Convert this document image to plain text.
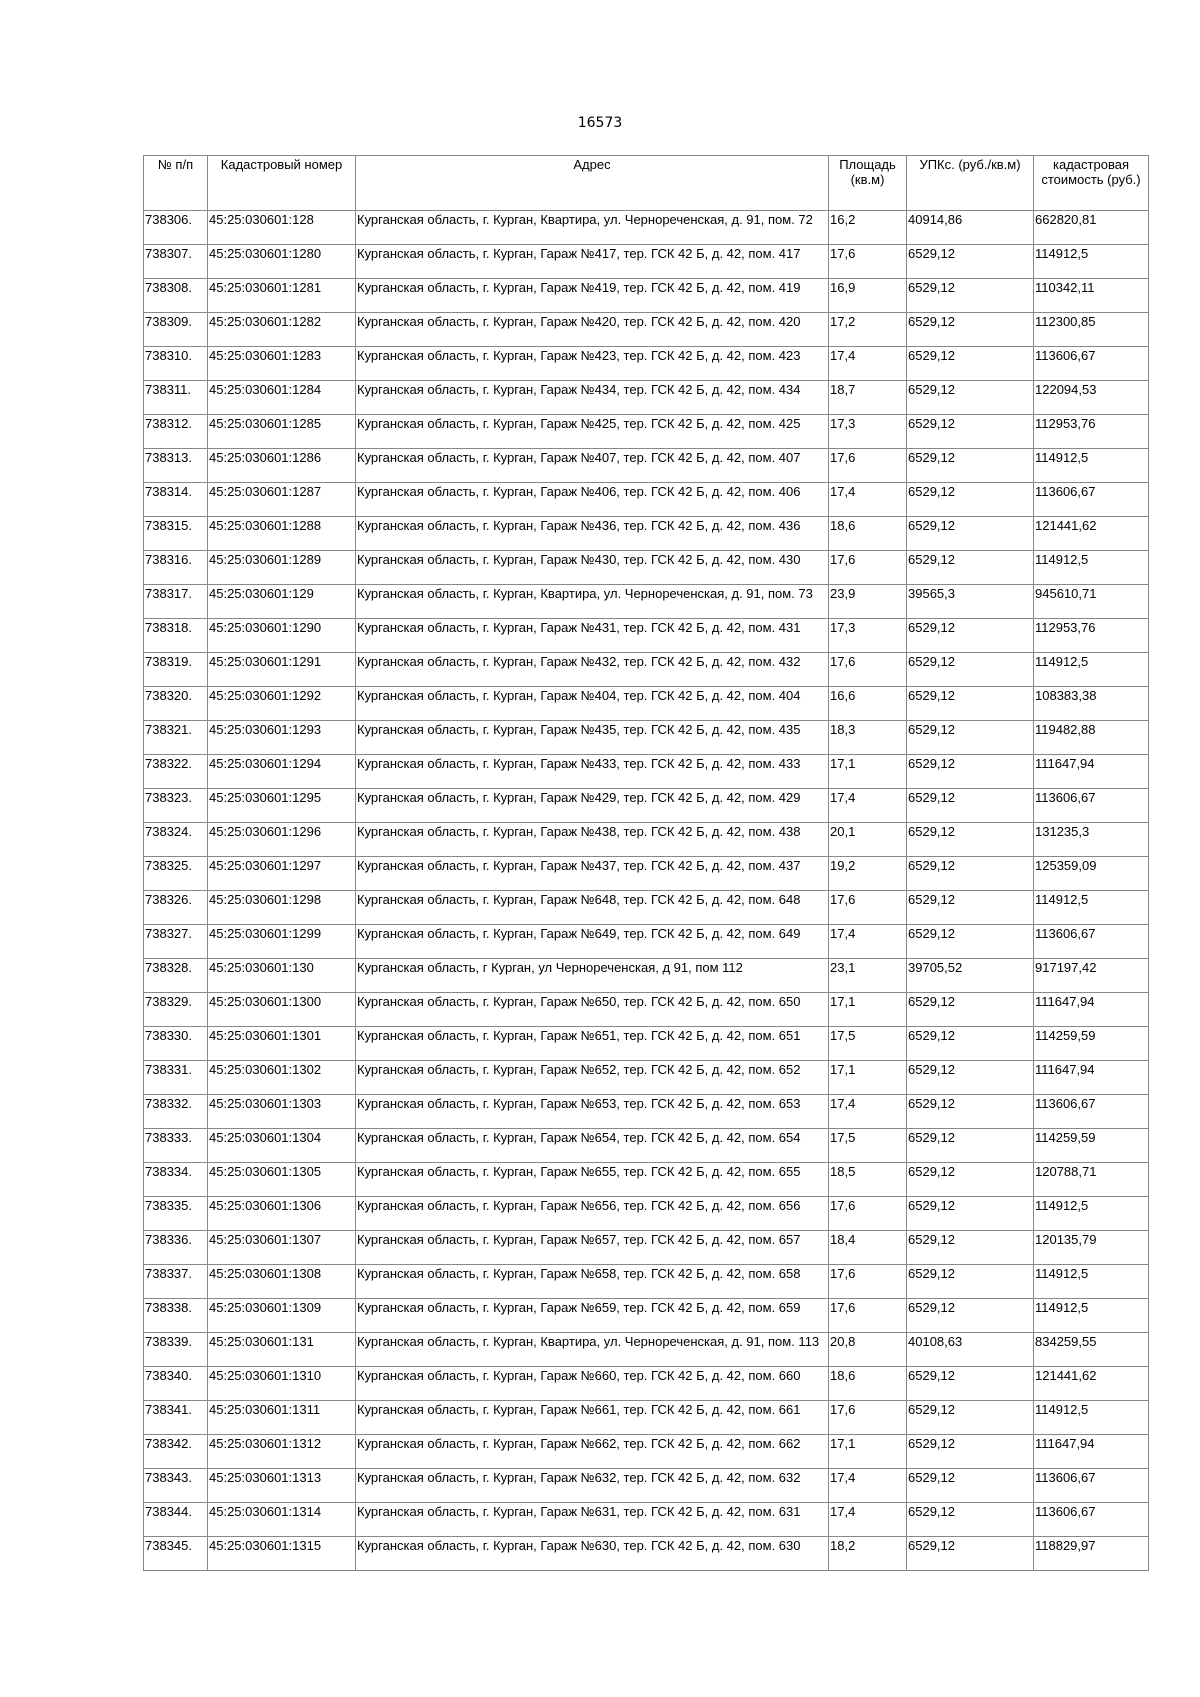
16573
№ п/п	Кадастровый номер	Адрес	Площадь (кв.м)	УПКс. (руб./кв.м)	кадастровая стоимость (руб.)
738306.	45:25:030601:128	Курганская область, г. Курган, Квартира, ул. Черноречeнская, д. 91, пом. 72	16,2	40914,86	662820,81
738307.	45:25:030601:1280	Курганская область, г. Курган, Гараж №417, тер. ГСК 42 Б, д. 42, пом. 417	17,6	6529,12	114912,5
738308.	45:25:030601:1281	Курганская область, г. Курган, Гараж №419, тер. ГСК 42 Б, д. 42, пом. 419	16,9	6529,12	110342,11
738309.	45:25:030601:1282	Курганская область, г. Курган, Гараж №420, тер. ГСК 42 Б, д. 42, пом. 420	17,2	6529,12	112300,85
738310.	45:25:030601:1283	Курганская область, г. Курган, Гараж №423, тер. ГСК 42 Б, д. 42, пом. 423	17,4	6529,12	113606,67
738311.	45:25:030601:1284	Курганская область, г. Курган, Гараж №434, тер. ГСК 42 Б, д. 42, пом. 434	18,7	6529,12	122094,53
738312.	45:25:030601:1285	Курганская область, г. Курган, Гараж №425, тер. ГСК 42 Б, д. 42, пом. 425	17,3	6529,12	112953,76
738313.	45:25:030601:1286	Курганская область, г. Курган, Гараж №407, тер. ГСК 42 Б, д. 42, пом. 407	17,6	6529,12	114912,5
738314.	45:25:030601:1287	Курганская область, г. Курган, Гараж №406, тер. ГСК 42 Б, д. 42, пом. 406	17,4	6529,12	113606,67
738315.	45:25:030601:1288	Курганская область, г. Курган, Гараж №436, тер. ГСК 42 Б, д. 42, пом. 436	18,6	6529,12	121441,62
738316.	45:25:030601:1289	Курганская область, г. Курган, Гараж №430, тер. ГСК 42 Б, д. 42, пом. 430	17,6	6529,12	114912,5
738317.	45:25:030601:129	Курганская область, г. Курган, Квартира, ул. Черноречeнская, д. 91, пом. 73	23,9	39565,3	945610,71
738318.	45:25:030601:1290	Курганская область, г. Курган, Гараж №431, тер. ГСК 42 Б, д. 42, пом. 431	17,3	6529,12	112953,76
738319.	45:25:030601:1291	Курганская область, г. Курган, Гараж №432, тер. ГСК 42 Б, д. 42, пом. 432	17,6	6529,12	114912,5
738320.	45:25:030601:1292	Курганская область, г. Курган, Гараж №404, тер. ГСК 42 Б, д. 42, пом. 404	16,6	6529,12	108383,38
738321.	45:25:030601:1293	Курганская область, г. Курган, Гараж №435, тер. ГСК 42 Б, д. 42, пом. 435	18,3	6529,12	119482,88
738322.	45:25:030601:1294	Курганская область, г. Курган, Гараж №433, тер. ГСК 42 Б, д. 42, пом. 433	17,1	6529,12	111647,94
738323.	45:25:030601:1295	Курганская область, г. Курган, Гараж №429, тер. ГСК 42 Б, д. 42, пом. 429	17,4	6529,12	113606,67
738324.	45:25:030601:1296	Курганская область, г. Курган, Гараж №438, тер. ГСК 42 Б, д. 42, пом. 438	20,1	6529,12	131235,3
738325.	45:25:030601:1297	Курганская область, г. Курган, Гараж №437, тер. ГСК 42 Б, д. 42, пом. 437	19,2	6529,12	125359,09
738326.	45:25:030601:1298	Курганская область, г. Курган, Гараж №648, тер. ГСК 42 Б, д. 42, пом. 648	17,6	6529,12	114912,5
738327.	45:25:030601:1299	Курганская область, г. Курган, Гараж №649, тер. ГСК 42 Б, д. 42, пом. 649	17,4	6529,12	113606,67
738328.	45:25:030601:130	Курганская область, г Курган, ул Черноречeнская, д 91, пом 112	23,1	39705,52	917197,42
738329.	45:25:030601:1300	Курганская область, г. Курган, Гараж №650, тер. ГСК 42 Б, д. 42, пом. 650	17,1	6529,12	111647,94
738330.	45:25:030601:1301	Курганская область, г. Курган, Гараж №651, тер. ГСК 42 Б, д. 42, пом. 651	17,5	6529,12	114259,59
738331.	45:25:030601:1302	Курганская область, г. Курган, Гараж №652, тер. ГСК 42 Б, д. 42, пом. 652	17,1	6529,12	111647,94
738332.	45:25:030601:1303	Курганская область, г. Курган, Гараж №653, тер. ГСК 42 Б, д. 42, пом. 653	17,4	6529,12	113606,67
738333.	45:25:030601:1304	Курганская область, г. Курган, Гараж №654, тер. ГСК 42 Б, д. 42, пом. 654	17,5	6529,12	114259,59
738334.	45:25:030601:1305	Курганская область, г. Курган, Гараж №655, тер. ГСК 42 Б, д. 42, пом. 655	18,5	6529,12	120788,71
738335.	45:25:030601:1306	Курганская область, г. Курган, Гараж №656, тер. ГСК 42 Б, д. 42, пом. 656	17,6	6529,12	114912,5
738336.	45:25:030601:1307	Курганская область, г. Курган, Гараж №657, тер. ГСК 42 Б, д. 42, пом. 657	18,4	6529,12	120135,79
738337.	45:25:030601:1308	Курганская область, г. Курган, Гараж №658, тер. ГСК 42 Б, д. 42, пом. 658	17,6	6529,12	114912,5
738338.	45:25:030601:1309	Курганская область, г. Курган, Гараж №659, тер. ГСК 42 Б, д. 42, пом. 659	17,6	6529,12	114912,5
738339.	45:25:030601:131	Курганская область, г. Курган, Квартира, ул. Черноречeнская, д. 91, пом. 113	20,8	40108,63	834259,55
738340.	45:25:030601:1310	Курганская область, г. Курган, Гараж №660, тер. ГСК 42 Б, д. 42, пом. 660	18,6	6529,12	121441,62
738341.	45:25:030601:1311	Курганская область, г. Курган, Гараж №661, тер. ГСК 42 Б, д. 42, пом. 661	17,6	6529,12	114912,5
738342.	45:25:030601:1312	Курганская область, г. Курган, Гараж №662, тер. ГСК 42 Б, д. 42, пом. 662	17,1	6529,12	111647,94
738343.	45:25:030601:1313	Курганская область, г. Курган, Гараж №632, тер. ГСК 42 Б, д. 42, пом. 632	17,4	6529,12	113606,67
738344.	45:25:030601:1314	Курганская область, г. Курган, Гараж №631, тер. ГСК 42 Б, д. 42, пом. 631	17,4	6529,12	113606,67
738345.	45:25:030601:1315	Курганская область, г. Курган, Гараж №630, тер. ГСК 42 Б, д. 42, пом. 630	18,2	6529,12	118829,97
